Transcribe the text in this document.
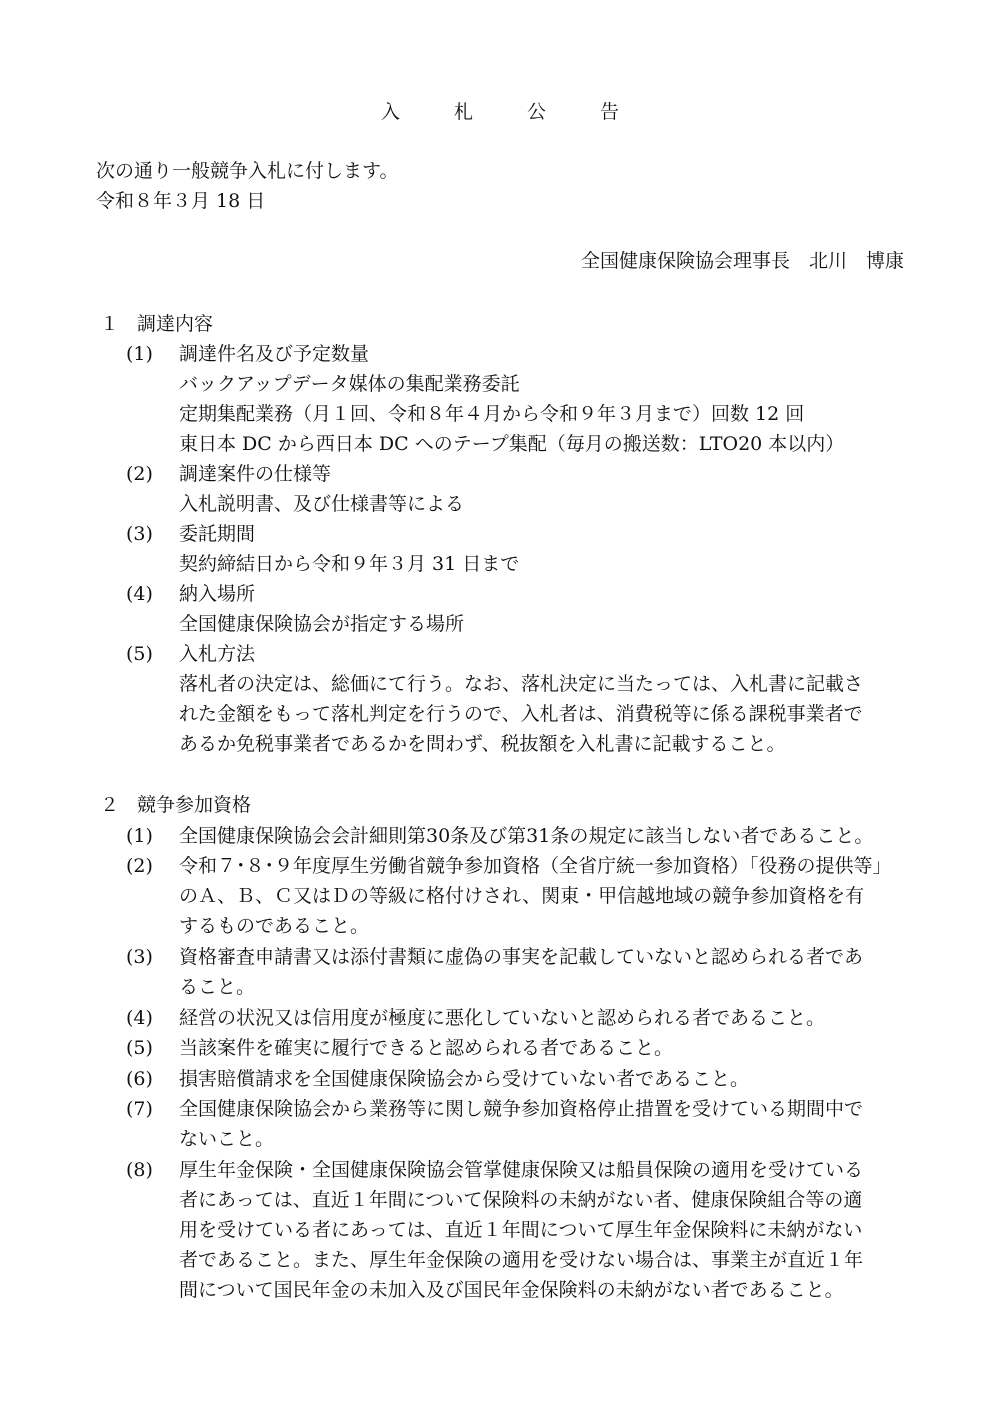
入 札 公 告
次の通り一般競争入札に付します。
令和８年３月 18 日
全国健康保険協会理事長　北川　博康
１ 調達内容
(1) 調達件名及び予定数量
バックアップデータ媒体の集配業務委託
定期集配業務（月１回、令和８年４月から令和９年３月まで）回数 12 回
東日本 DC から西日本 DC へのテープ集配（毎月の搬送数：LTO20 本以内）
(2) 調達案件の仕様等
入札説明書、及び仕様書等による
(3) 委託期間
契約締結日から令和９年３月 31 日まで
(4) 納入場所
全国健康保険協会が指定する場所
(5) 入札方法
落札者の決定は、総価にて行う。なお、落札決定に当たっては、入札書に記載さ
れた金額をもって落札判定を行うので、入札者は、消費税等に係る課税事業者で
あるか免税事業者であるかを問わず、税抜額を入札書に記載すること。
２ 競争参加資格
(1) 全国健康保険協会会計細則第30条及び第31条の規定に該当しない者であること。
(2) 令和７･８･９年度厚生労働省競争参加資格（全省庁統一参加資格）「役務の提供等」
のＡ、Ｂ、Ｃ又はＤの等級に格付けされ、関東・甲信越地域の競争参加資格を有
するものであること。
(3) 資格審査申請書又は添付書類に虚偽の事実を記載していないと認められる者であ
ること。
(4) 経営の状況又は信用度が極度に悪化していないと認められる者であること。
(5) 当該案件を確実に履行できると認められる者であること。
(6) 損害賠償請求を全国健康保険協会から受けていない者であること。
(7) 全国健康保険協会から業務等に関し競争参加資格停止措置を受けている期間中で
ないこと。
(8) 厚生年金保険・全国健康保険協会管掌健康保険又は船員保険の適用を受けている
者にあっては、直近１年間について保険料の未納がない者、健康保険組合等の適
用を受けている者にあっては、直近１年間について厚生年金保険料に未納がない
者であること。また、厚生年金保険の適用を受けない場合は、事業主が直近１年
間について国民年金の未加入及び国民年金保険料の未納がない者であること。
